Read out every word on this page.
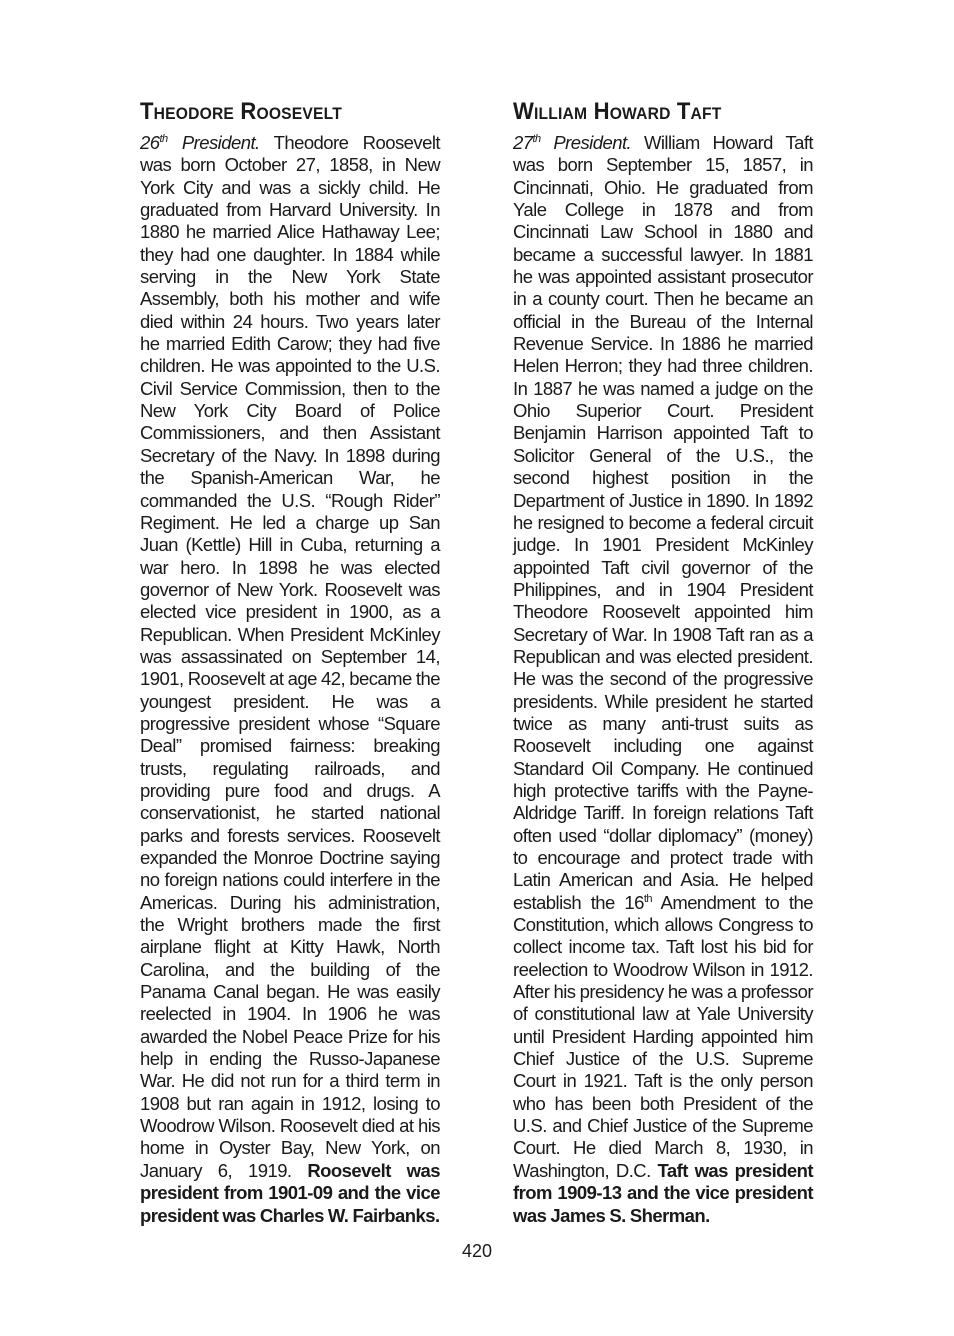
Theodore Roosevelt

26th President. Theodore Roosevelt was born October 27, 1858, in New York City and was a sickly child. He graduated from Harvard University. In 1880 he married Alice Hathaway Lee; they had one daughter. In 1884 while serving in the New York State Assembly, both his mother and wife died within 24 hours. Two years later he married Edith Carow; they had five children. He was appointed to the U.S. Civil Service Commission, then to the New York City Board of Police Commissioners, and then Assistant Secretary of the Navy. In 1898 during the Spanish-American War, he commanded the U.S. “Rough Rider” Regiment. He led a charge up San Juan (Kettle) Hill in Cuba, returning a war hero. In 1898 he was elected governor of New York. Roosevelt was elected vice president in 1900, as a Republican. When President McKinley was assassinated on September 14, 1901, Roosevelt at age 42, became the youngest president. He was a progressive president whose “Square Deal” promised fairness: breaking trusts, regulating railroads, and providing pure food and drugs. A conservationist, he started national parks and forests services. Roosevelt expanded the Monroe Doctrine saying no foreign nations could interfere in the Americas. During his administration, the Wright brothers made the first airplane flight at Kitty Hawk, North Carolina, and the building of the Panama Canal began. He was easily reelected in 1904. In 1906 he was awarded the Nobel Peace Prize for his help in ending the Russo-Japanese War. He did not run for a third term in 1908 but ran again in 1912, losing to Woodrow Wilson. Roosevelt died at his home in Oyster Bay, New York, on January 6, 1919. Roosevelt was president from 1901-09 and the vice president was Charles W. Fairbanks.

William Howard Taft

27th President. William Howard Taft was born September 15, 1857, in Cincinnati, Ohio. He graduated from Yale College in 1878 and from Cincinnati Law School in 1880 and became a successful lawyer. In 1881 he was appointed assistant prosecutor in a county court. Then he became an official in the Bureau of the Internal Revenue Service. In 1886 he married Helen Herron; they had three children. In 1887 he was named a judge on the Ohio Superior Court. President Benjamin Harrison appointed Taft to Solicitor General of the U.S., the second highest position in the Department of Justice in 1890. In 1892 he resigned to become a federal circuit judge. In 1901 President McKinley appointed Taft civil governor of the Philippines, and in 1904 President Theodore Roosevelt appointed him Secretary of War. In 1908 Taft ran as a Republican and was elected president. He was the second of the progressive presidents. While president he started twice as many anti-trust suits as Roosevelt including one against Standard Oil Company. He continued high protective tariffs with the Payne-Aldridge Tariff. In foreign relations Taft often used “dollar diplomacy” (money) to encourage and protect trade with Latin American and Asia. He helped establish the 16th Amendment to the Constitution, which allows Congress to collect income tax. Taft lost his bid for reelection to Woodrow Wilson in 1912. After his presidency he was a professor of constitutional law at Yale University until President Harding appointed him Chief Justice of the U.S. Supreme Court in 1921. Taft is the only person who has been both President of the U.S. and Chief Justice of the Supreme Court. He died March 8, 1930, in Washington, D.C. Taft was president from 1909-13 and the vice president was James S. Sherman.

420
